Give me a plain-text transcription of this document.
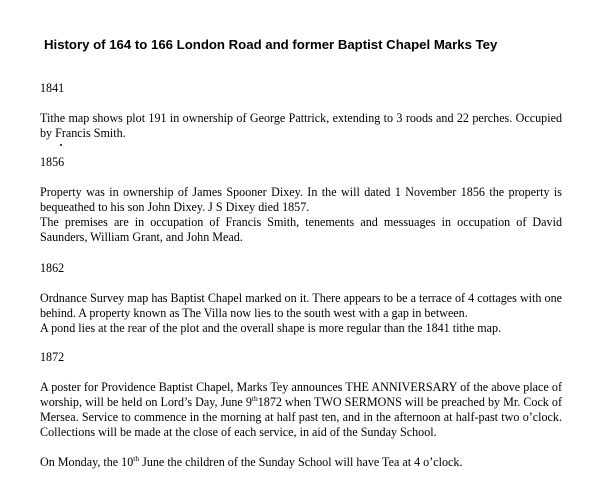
History of 164 to 166 London Road and former Baptist Chapel Marks Tey
1841
Tithe map shows plot 191 in ownership of George Pattrick, extending to 3 roods and 22 perches. Occupied by Francis Smith.
1856
Property was in ownership of James Spooner Dixey. In the will dated 1 November 1856 the property is bequeathed to his son John Dixey. J S Dixey died 1857.
The premises are in occupation of Francis Smith, tenements and messuages in occupation of David Saunders, William Grant, and John Mead.
1862
Ordnance Survey map has Baptist Chapel marked on it. There appears to be a terrace of 4 cottages with one behind. A property known as The Villa now lies to the south west with a gap in between.
A pond lies at the rear of the plot and the overall shape is more regular than the 1841 tithe map.
1872
A poster for Providence Baptist Chapel, Marks Tey announces THE ANNIVERSARY of the above place of worship, will be held on Lord’s Day, June 9th1872 when TWO SERMONS will be preached by Mr. Cock of Mersea. Service to commence in the morning at half past ten, and in the afternoon at half-past two o’clock. Collections will be made at the close of each service, in aid of the Sunday School.
On Monday, the 10th June the children of the Sunday School will have Tea at 4 o’clock.
